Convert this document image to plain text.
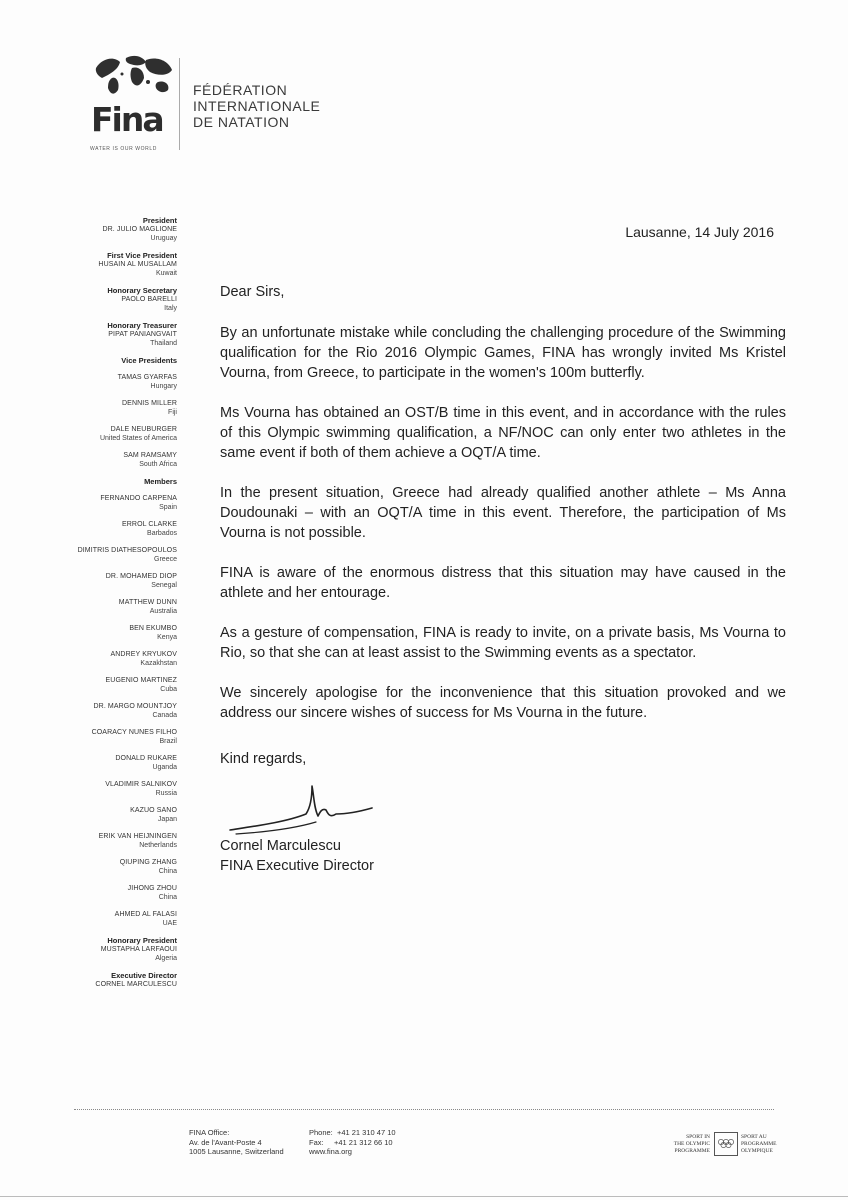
Fina
WATER IS OUR WORLD
FÉDÉRATION
INTERNATIONALE
DE NATATION
President
DR. JULIO MAGLIONE
Uruguay
First Vice President
HUSAIN AL MUSALLAM
Kuwait
Honorary Secretary
PAOLO BARELLI
Italy
Honorary Treasurer
PIPAT PANIANGVAIT
Thailand
Vice Presidents
TAMAS GYARFAS
Hungary
DENNIS MILLER
Fiji
DALE NEUBURGER
United States of America
SAM RAMSAMY
South Africa
Members
FERNANDO CARPENA
Spain
ERROL CLARKE
Barbados
DIMITRIS DIATHESOPOULOS
Greece
DR. MOHAMED DIOP
Senegal
MATTHEW DUNN
Australia
BEN EKUMBO
Kenya
ANDREY KRYUKOV
Kazakhstan
EUGENIO MARTINEZ
Cuba
DR. MARGO MOUNTJOY
Canada
COARACY NUNES FILHO
Brazil
DONALD RUKARE
Uganda
VLADIMIR SALNIKOV
Russia
KAZUO SANO
Japan
ERIK VAN HEIJNINGEN
Netherlands
QIUPING ZHANG
China
JIHONG ZHOU
China
AHMED AL FALASI
UAE
Honorary President
MUSTAPHA LARFAOUI
Algeria
Executive Director
CORNEL MARCULESCU
Lausanne, 14 July 2016

Dear Sirs,

By an unfortunate mistake while concluding the challenging procedure of the Swimming qualification for the Rio 2016 Olympic Games, FINA has wrongly invited Ms Kristel Vourna, from Greece, to participate in the women's 100m butterfly.

Ms Vourna has obtained an OST/B time in this event, and in accordance with the rules of this Olympic swimming qualification, a NF/NOC can only enter two athletes in the same event if both of them achieve a OQT/A time.

In the present situation, Greece had already qualified another athlete – Ms Anna Doudounaki – with an OQT/A time in this event. Therefore, the participation of Ms Vourna is not possible.

FINA is aware of the enormous distress that this situation may have caused in the athlete and her entourage.

As a gesture of compensation, FINA is ready to invite, on a private basis, Ms Vourna to Rio, so that she can at least assist to the Swimming events as a spectator.

We sincerely apologise for the inconvenience that this situation provoked and we address our sincere wishes of success for Ms Vourna in the future.

Kind regards,

Cornel Marculescu
FINA Executive Director
FINA Office:
Av. de l'Avant-Poste 4
1005 Lausanne, Switzerland
Phone:  +41 21 310 47 10
Fax:     +41 21 312 66 10
www.fina.org
SPORT IN
THE OLYMPIC
PROGRAMME
SPORT AU
PROGRAMME
OLYMPIQUE
